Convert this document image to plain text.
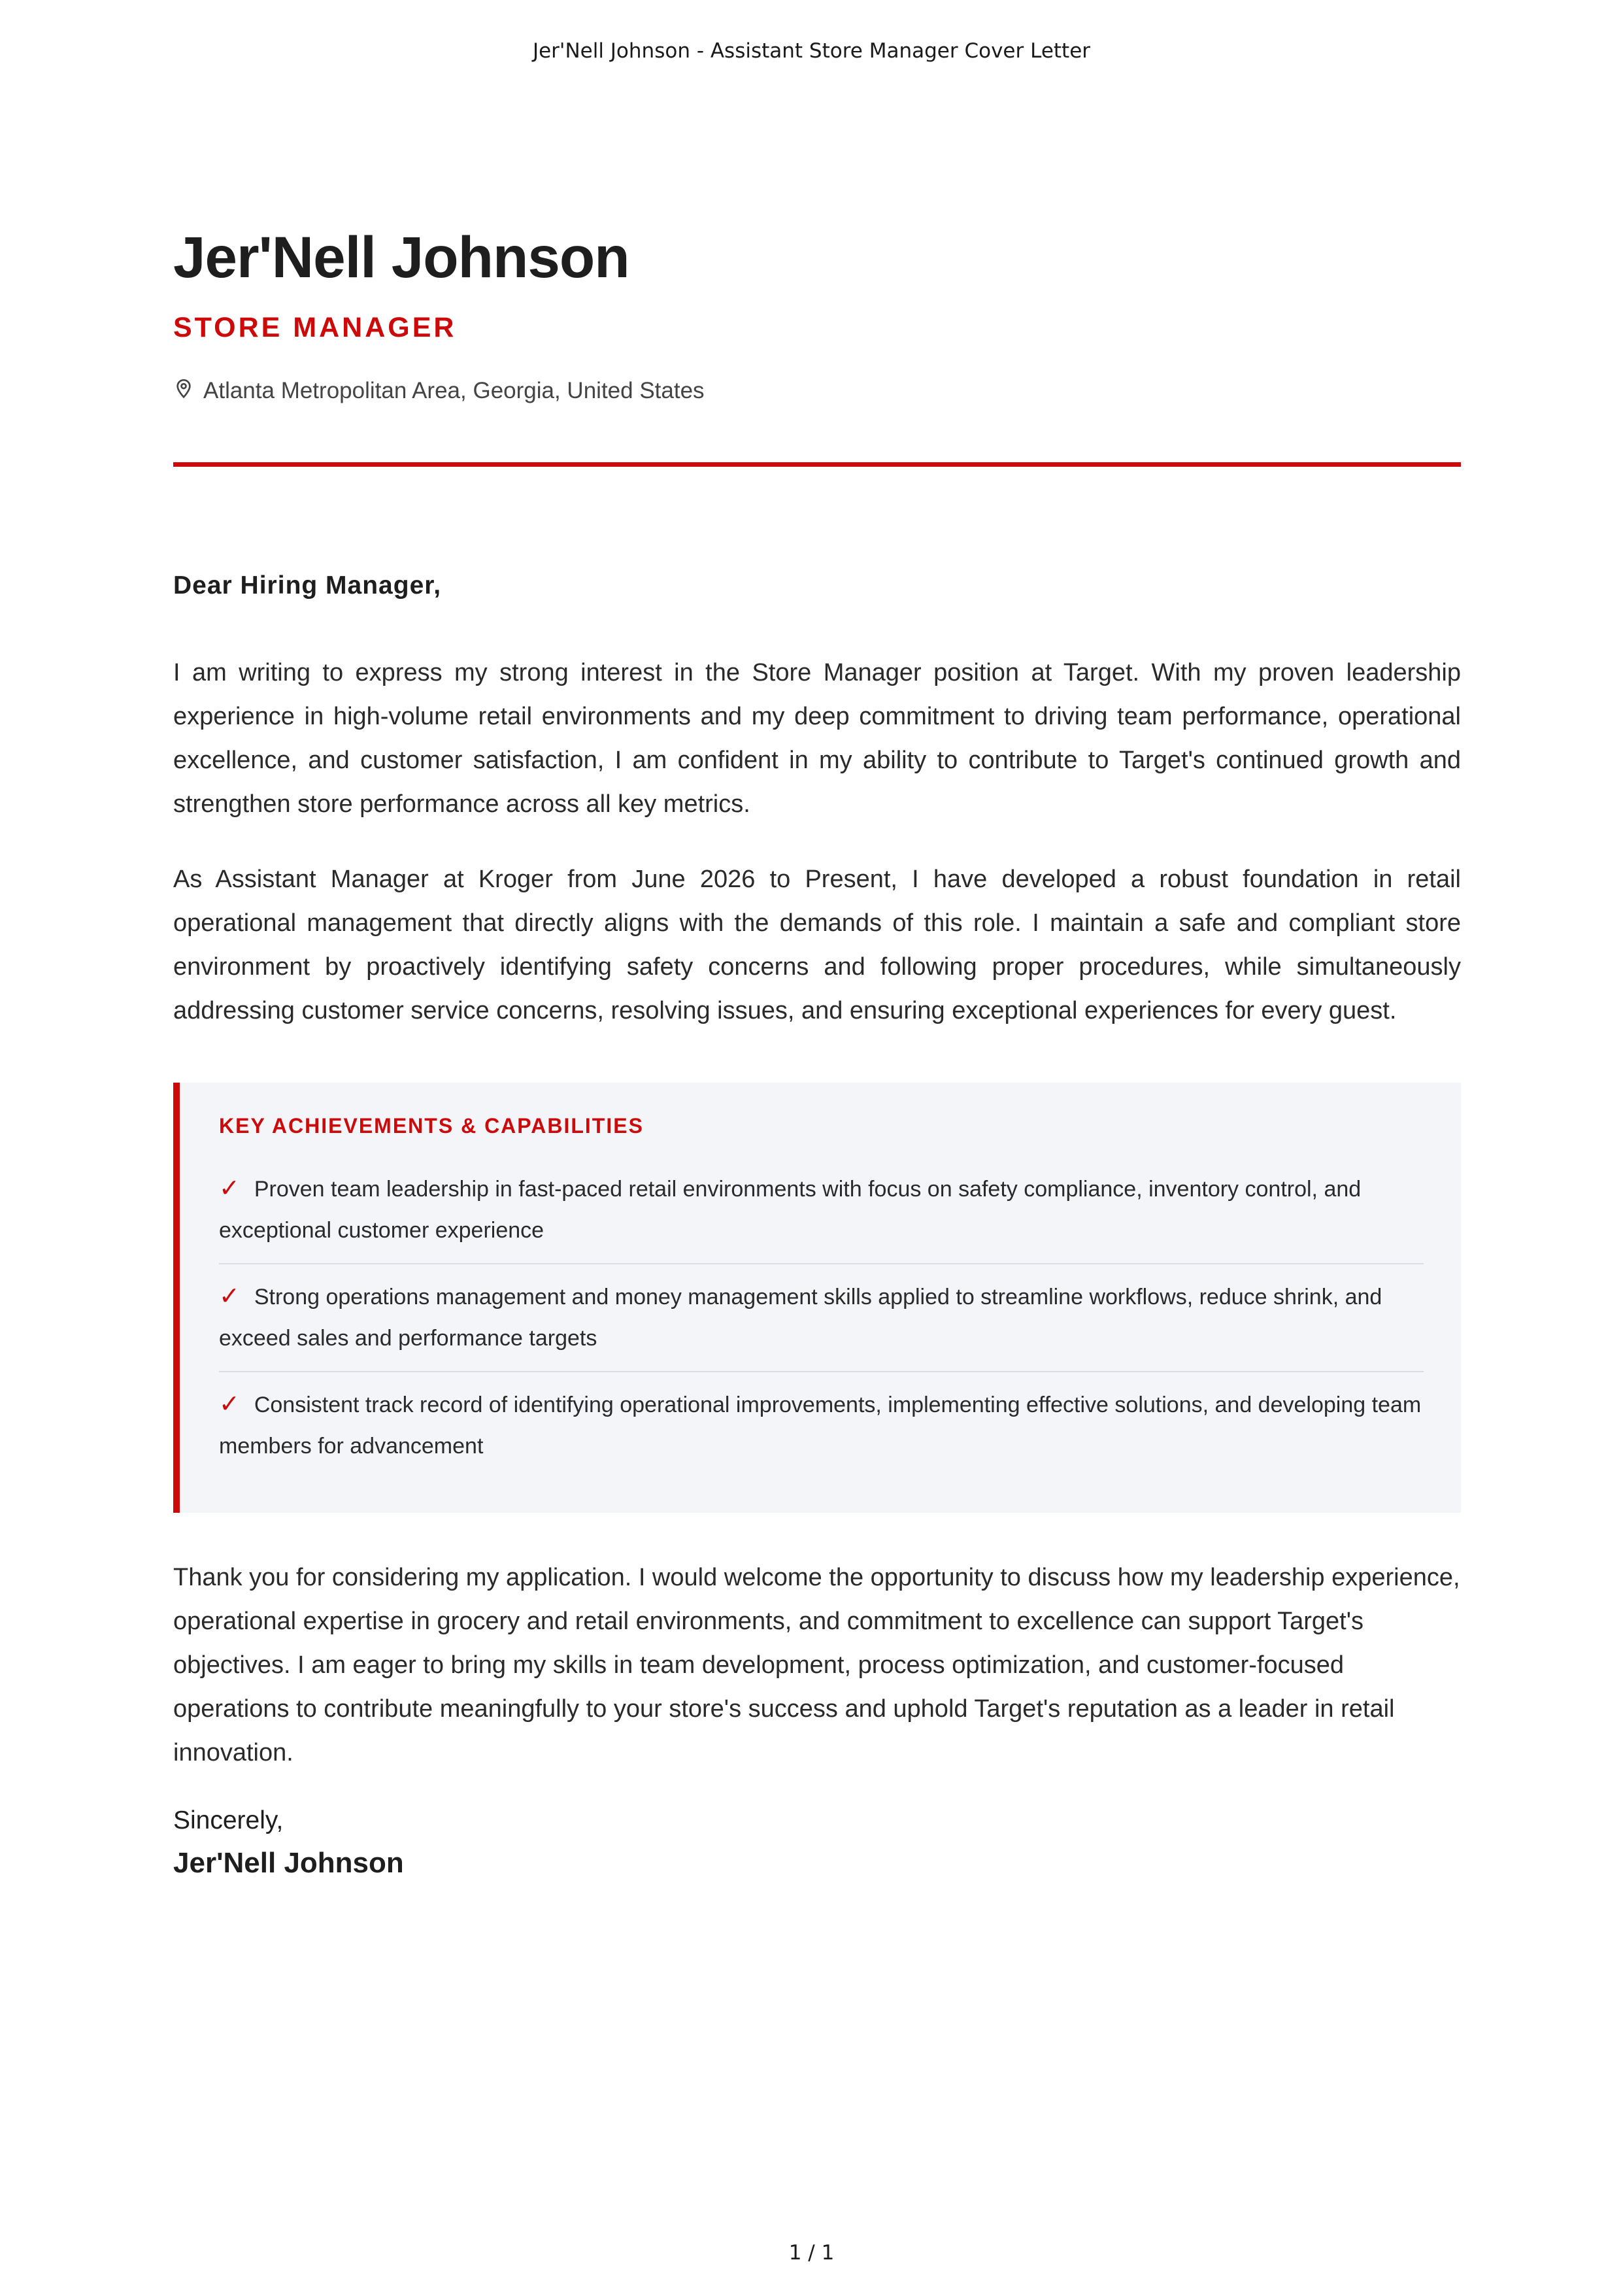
Jer'Nell Johnson - Assistant Store Manager Cover Letter
Jer'Nell Johnson
STORE MANAGER
Atlanta Metropolitan Area, Georgia, United States
Dear Hiring Manager,

I am writing to express my strong interest in the Store Manager position at Target. With my proven leadership experience in high-volume retail environments and my deep commitment to driving team performance, operational excellence, and customer satisfaction, I am confident in my ability to contribute to Target's continued growth and strengthen store performance across all key metrics.

As Assistant Manager at Kroger from June 2026 to Present, I have developed a robust foundation in retail operational management that directly aligns with the demands of this role. I maintain a safe and compliant store environment by proactively identifying safety concerns and following proper procedures, while simultaneously addressing customer service concerns, resolving issues, and ensuring exceptional experiences for every guest.

KEY ACHIEVEMENTS & CAPABILITIES
✓ Proven team leadership in fast-paced retail environments with focus on safety compliance, inventory control, and exceptional customer experience
✓ Strong operations management and money management skills applied to streamline workflows, reduce shrink, and exceed sales and performance targets
✓ Consistent track record of identifying operational improvements, implementing effective solutions, and developing team members for advancement

Thank you for considering my application. I would welcome the opportunity to discuss how my leadership experience, operational expertise in grocery and retail environments, and commitment to excellence can support Target's objectives. I am eager to bring my skills in team development, process optimization, and customer-focused operations to contribute meaningfully to your store's success and uphold Target's reputation as a leader in retail innovation.

Sincerely,
Jer'Nell Johnson
1 / 1
